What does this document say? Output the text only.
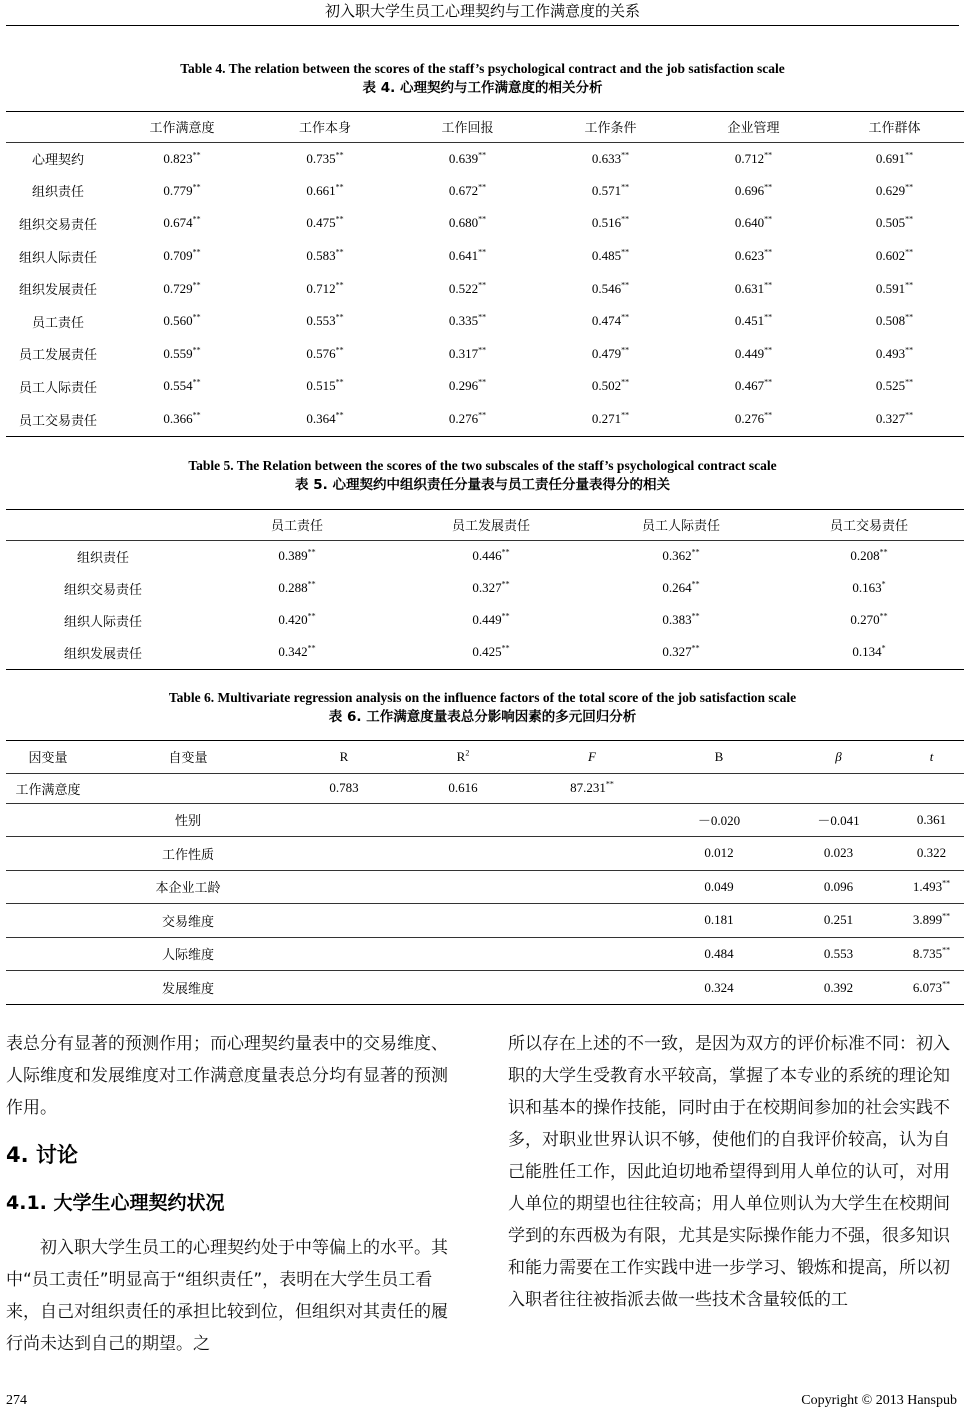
初入职大学生员工心理契约与工作满意度的关系
Table 4. The relation between the scores of the staff’s psychological contract and the job satisfaction scale
表 4. 心理契约与工作满意度的相关分析
	工作满意度	工作本身	工作回报	工作条件	企业管理	工作群体
心理契约	0.823**	0.735**	0.639**	0.633**	0.712**	0.691**
组织责任	0.779**	0.661**	0.672**	0.571**	0.696**	0.629**
组织交易责任	0.674**	0.475**	0.680**	0.516**	0.640**	0.505**
组织人际责任	0.709**	0.583**	0.641**	0.485**	0.623**	0.602**
组织发展责任	0.729**	0.712**	0.522**	0.546**	0.631**	0.591**
员工责任	0.560**	0.553**	0.335**	0.474**	0.451**	0.508**
员工发展责任	0.559**	0.576**	0.317**	0.479**	0.449**	0.493**
员工人际责任	0.554**	0.515**	0.296**	0.502**	0.467**	0.525**
员工交易责任	0.366**	0.364**	0.276**	0.271**	0.276**	0.327**
Table 5. The Relation between the scores of the two subscales of the staff’s psychological contract scale
表 5. 心理契约中组织责任分量表与员工责任分量表得分的相关
	员工责任	员工发展责任	员工人际责任	员工交易责任
组织责任	0.389**	0.446**	0.362**	0.208**
组织交易责任	0.288**	0.327**	0.264**	0.163*
组织人际责任	0.420**	0.449**	0.383**	0.270**
组织发展责任	0.342**	0.425**	0.327**	0.134*
Table 6. Multivariate regression analysis on the influence factors of the total score of the job satisfaction scale
表 6. 工作满意度量表总分影响因素的多元回归分析
因变量	自变量	R	$R^2$	F	B	β	t
工作满意度		0.783	0.616	87.231**			
	性别				－0.020	－0.041	0.361
	工作性质				0.012	0.023	0.322
	本企业工龄				0.049	0.096	1.493**
	交易维度				0.181	0.251	3.899**
	人际维度				0.484	0.553	8.735**
	发展维度				0.324	0.392	6.073**

表总分有显著的预测作用；而心理契约量表中的交易维度、人际维度和发展维度对工作满意度量表总分均有显著的预测作用。

4. 讨论
4.1. 大学生心理契约状况

初入职大学生员工的心理契约处于中等偏上的水平。其中“员工责任”明显高于“组织责任”，表明在大学生员工看来，自己对组织责任的承担比较到位，但组织对其责任的履行尚未达到自己的期望。之

所以存在上述的不一致，是因为双方的评价标准不同：初入职的大学生受教育水平较高，掌握了本专业的系统的理论知识和基本的操作技能，同时由于在校期间参加的社会实践不多，对职业世界认识不够，使他们的自我评价较高，认为自己能胜任工作，因此迫切地希望得到用人单位的认可，对用人单位的期望也往往较高；用人单位则认为大学生在校期间学到的东西极为有限，尤其是实际操作能力不强，很多知识和能力需要在工作实践中进一步学习、锻炼和提高，所以初入职者往往被指派去做一些技术含量较低的工

274	Copyright © 2013 Hanspub
